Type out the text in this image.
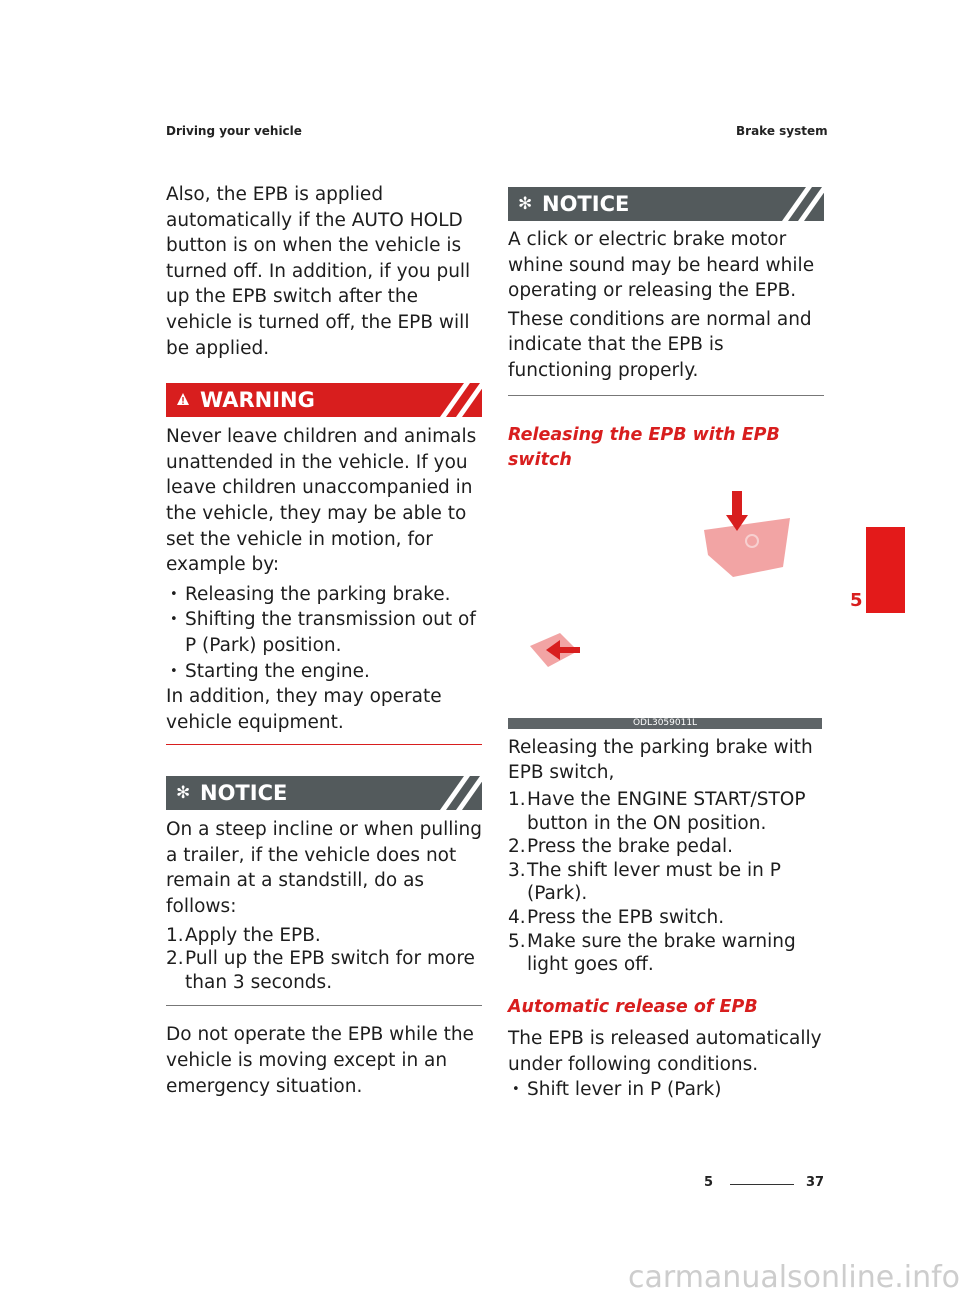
Driving your vehicle	Brake system

Also, the EPB is applied automatically if the AUTO HOLD button is on when the vehicle is turned off. In addition, if you pull up the EPB switch after the vehicle is turned off, the EPB will be applied.

WARNING

Never leave children and animals unattended in the vehicle. If you leave children unaccompanied in the vehicle, they may be able to set the vehicle in motion, for example by:

• Releasing the parking brake.
• Shifting the transmission out of P (Park) position.
• Starting the engine.

In addition, they may operate vehicle equipment.

✻ NOTICE

On a steep incline or when pulling a trailer, if the vehicle does not remain at a standstill, do as follows:

1. Apply the EPB.
2. Pull up the EPB switch for more than 3 seconds.

Do not operate the EPB while the vehicle is moving except in an emergency situation.

✻ NOTICE

A click or electric brake motor whine sound may be heard while operating or releasing the EPB.

These conditions are normal and indicate that the EPB is functioning properly.

Releasing the EPB with EPB switch
ODL3059011L

Releasing the parking brake with EPB switch,

1. Have the ENGINE START/STOP button in the ON position.
2. Press the brake pedal.
3. The shift lever must be in P (Park).
4. Press the EPB switch.
5. Make sure the brake warning light goes off.
Automatic release of EPB

The EPB is released automatically under following conditions.

• Shift lever in P (Park)
5
5	37
carmanualsonline.info
